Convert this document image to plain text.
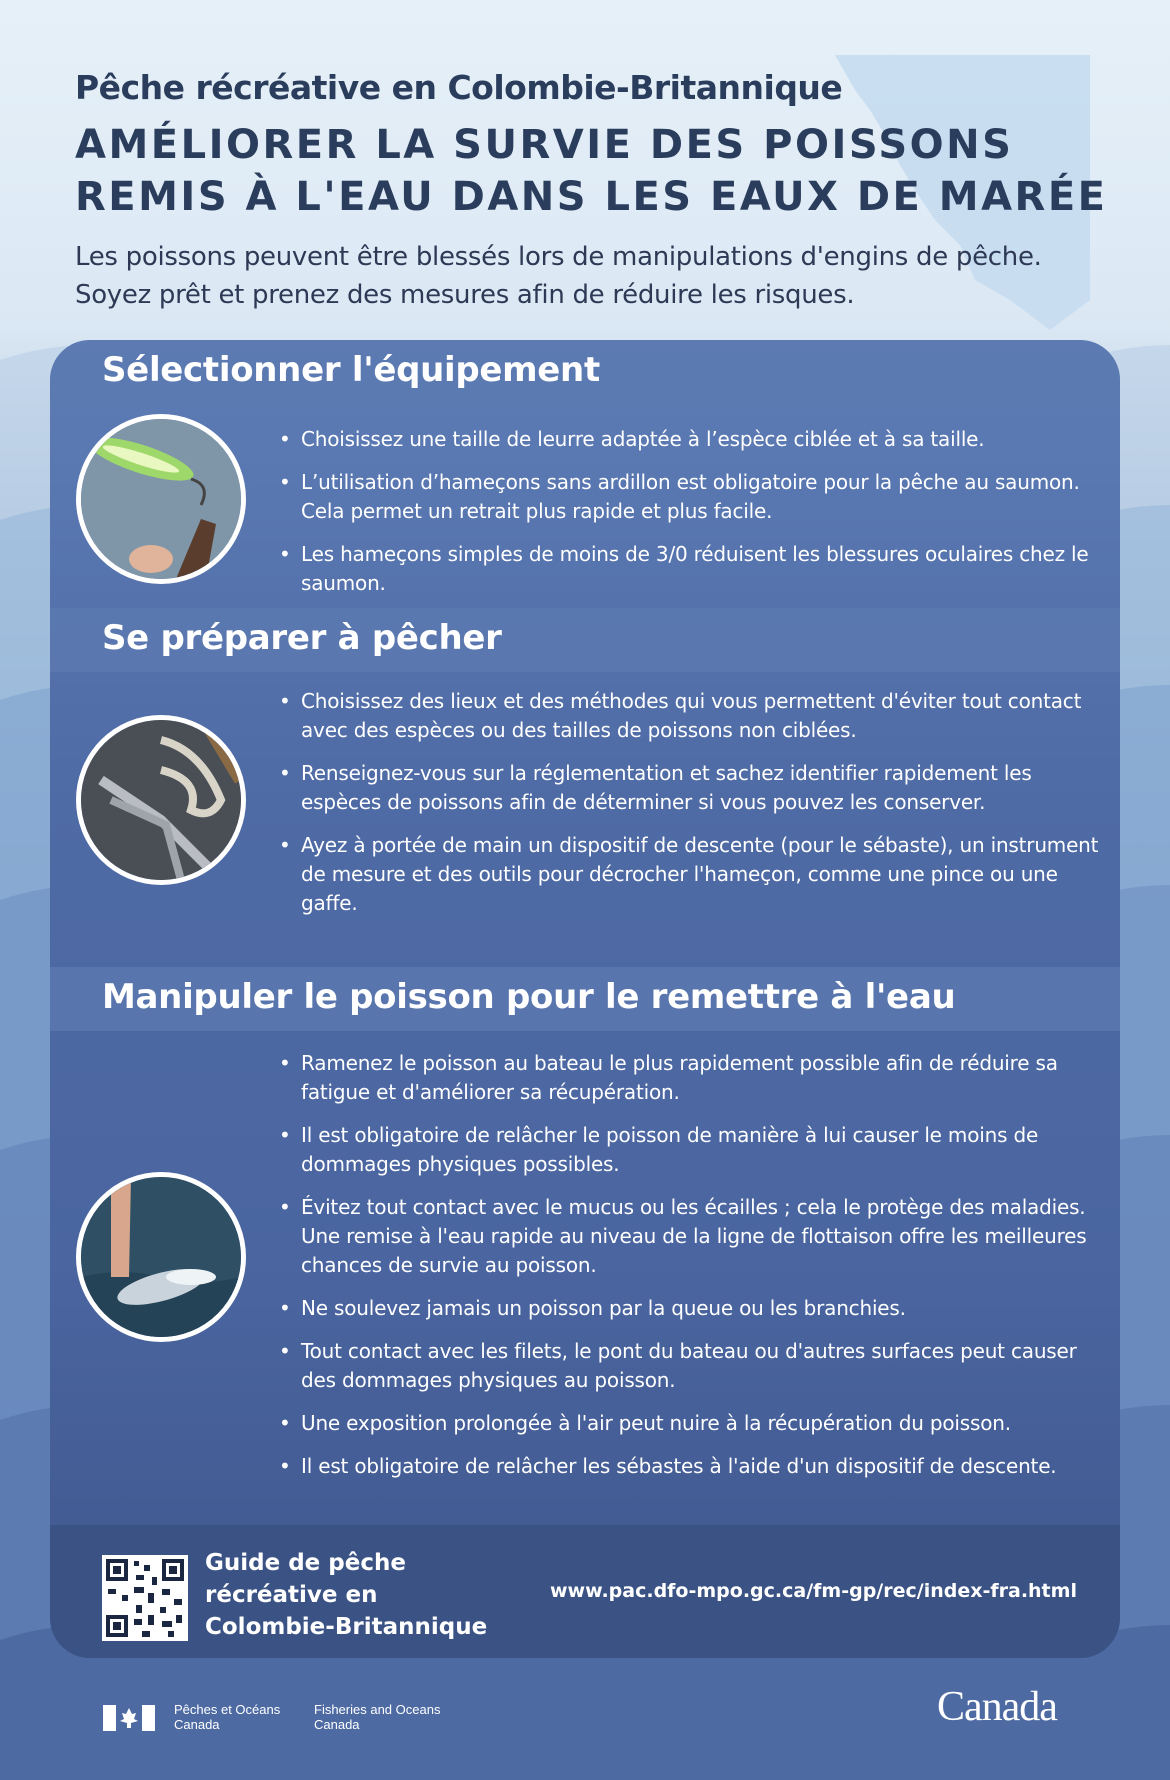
Pêche récréative en Colombie-Britannique
AMÉLIORER LA SURVIE DES POISSONS
REMIS À L'EAU DANS LES EAUX DE MARÉE
Les poissons peuvent être blessés lors de manipulations d'engins de pêche. Soyez prêt et prenez des mesures afin de réduire les risques.
Sélectionner l'équipement
• Choisissez une taille de leurre adaptée à l’espèce ciblée et à sa taille.
• L’utilisation d’hameçons sans ardillon est obligatoire pour la pêche au saumon. Cela permet un retrait plus rapide et plus facile.
• Les hameçons simples de moins de 3/0 réduisent les blessures oculaires chez le saumon.
Se préparer à pêcher
• Choisissez des lieux et des méthodes qui vous permettent d'éviter tout contact avec des espèces ou des tailles de poissons non ciblées.
• Renseignez-vous sur la réglementation et sachez identifier rapidement les espèces de poissons afin de déterminer si vous pouvez les conserver.
• Ayez à portée de main un dispositif de descente (pour le sébaste), un instrument de mesure et des outils pour décrocher l'hameçon, comme une pince ou une gaffe.
Manipuler le poisson pour le remettre à l'eau
• Ramenez le poisson au bateau le plus rapidement possible afin de réduire sa fatigue et d'améliorer sa récupération.
• Il est obligatoire de relâcher le poisson de manière à lui causer le moins de dommages physiques possibles.
• Évitez tout contact avec le mucus ou les écailles ; cela le protège des maladies. Une remise à l'eau rapide au niveau de la ligne de flottaison offre les meilleures chances de survie au poisson.
• Ne soulevez jamais un poisson par la queue ou les branchies.
• Tout contact avec les filets, le pont du bateau ou d'autres surfaces peut causer des dommages physiques au poisson.
• Une exposition prolongée à l'air peut nuire à la récupération du poisson.
• Il est obligatoire de relâcher les sébastes à l'aide d'un dispositif de descente.
Guide de pêche récréative en Colombie-Britannique
www.pac.dfo-mpo.gc.ca/fm-gp/rec/index-fra.html
Pêches et Océans Canada
Fisheries and Oceans Canada	Canada
